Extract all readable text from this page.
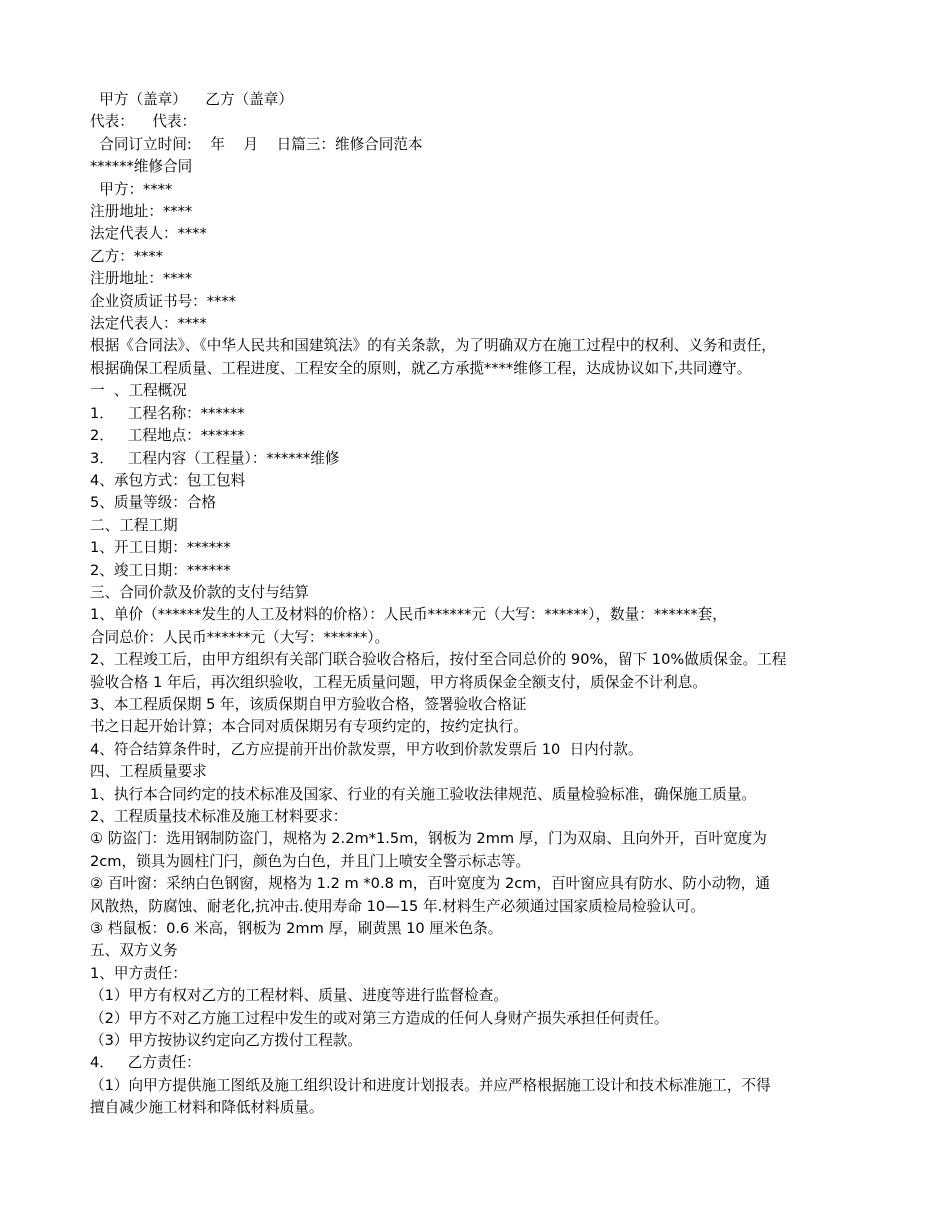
甲方（盖章）    乙方（盖章）
代表：    代表：
合同订立时间:    年    月    日篇三：维修合同范本
******维修合同
甲方：****
注册地址：****
法定代表人：****
乙方：****
注册地址：****
企业资质证书号：****
法定代表人：****
根据《合同法》、《中华人民共和国建筑法》的有关条款，为了明确双方在施工过程中的权利、义务和责任，
根据确保工程质量、工程进度、工程安全的原则，就乙方承揽****维修工程，达成协议如下,共同遵守。
一  、工程概况
1．   工程名称：******
2．   工程地点：******
3．   工程内容（工程量）：******维修
4、承包方式：包工包料
5、质量等级：合格
二、工程工期
1、开工日期：******
2、竣工日期：******
三、合同价款及价款的支付与结算
1、单价（******发生的人工及材料的价格）：人民币******元（大写：******），数量：******套，
合同总价：人民币******元（大写：******）。
2、工程竣工后，由甲方组织有关部门联合验收合格后，按付至合同总价的 90%，留下 10%做质保金。工程
验收合格 1 年后，再次组织验收，工程无质量问题，甲方将质保金全额支付，质保金不计利息。
3、本工程质保期 5 年，该质保期自甲方验收合格，签署验收合格证
书之日起开始计算；本合同对质保期另有专项约定的，按约定执行。
4、符合结算条件时，乙方应提前开出价款发票，甲方收到价款发票后 10  日内付款。
四、工程质量要求
1、执行本合同约定的技术标准及国家、行业的有关施工验收法律规范、质量检验标准，确保施工质量。
2、工程质量技术标准及施工材料要求：
① 防盗门：选用钢制防盗门，规格为 2.2m*1.5m，钢板为 2mm 厚，门为双扇、且向外开，百叶宽度为
2cm，锁具为圆柱门闩，颜色为白色，并且门上喷安全警示标志等。
② 百叶窗：采纳白色钢窗，规格为 1.2 m *0.8 m，百叶宽度为 2cm，百叶窗应具有防水、防小动物，通
风散热，防腐蚀、耐老化,抗冲击.使用寿命 10—15 年.材料生产必须通过国家质检局检验认可。
③ 档鼠板：0.6 米高，钢板为 2mm 厚，刷黄黑 10 厘米色条。
五、双方义务
1、甲方责任：
（1）甲方有权对乙方的工程材料、质量、进度等进行监督检查。
（2）甲方不对乙方施工过程中发生的或对第三方造成的任何人身财产损失承担任何责任。
（3）甲方按协议约定向乙方拨付工程款。
4．   乙方责任：
（1）向甲方提供施工图纸及施工组织设计和进度计划报表。并应严格根据施工设计和技术标准施工，不得
擅自减少施工材料和降低材料质量。
